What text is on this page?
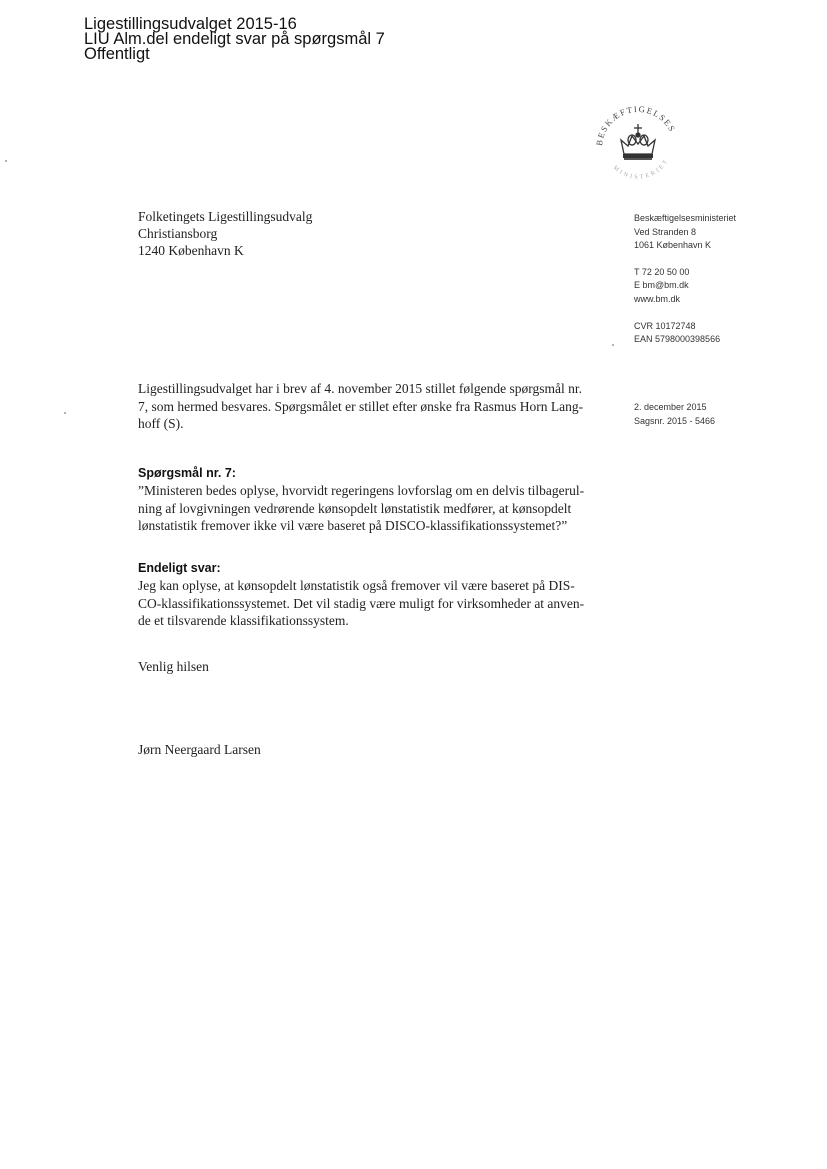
Ligestillingsudvalget 2015-16
LIU Alm.del endeligt svar på spørgsmål 7
Offentligt
BESKÆFTIGELSES
MINISTERIET
Folketingets Ligestillingsudvalg
Christiansborg
1240 København K
Beskæftigelsesministeriet
Ved Stranden 8
1061 København K
T 72 20 50 00
E bm@bm.dk
www.bm.dk
CVR 10172748
EAN 5798000398566
2. december 2015
Sagsnr. 2015 - 5466
Ligestillingsudvalget har i brev af 4. november 2015 stillet følgende spørgsmål nr.
7, som hermed besvares. Spørgsmålet er stillet efter ønske fra Rasmus Horn Lang-
hoff (S).
Spørgsmål nr. 7:
”Ministeren bedes oplyse, hvorvidt regeringens lovforslag om en delvis tilbagerul-
ning af lovgivningen vedrørende kønsopdelt lønstatistik medfører, at kønsopdelt
lønstatistik fremover ikke vil være baseret på DISCO-klassifikationssystemet?”
Endeligt svar:
Jeg kan oplyse, at kønsopdelt lønstatistik også fremover vil være baseret på DIS-
CO-klassifikationssystemet. Det vil stadig være muligt for virksomheder at anven-
de et tilsvarende klassifikationssystem.
Venlig hilsen
Jørn Neergaard Larsen
